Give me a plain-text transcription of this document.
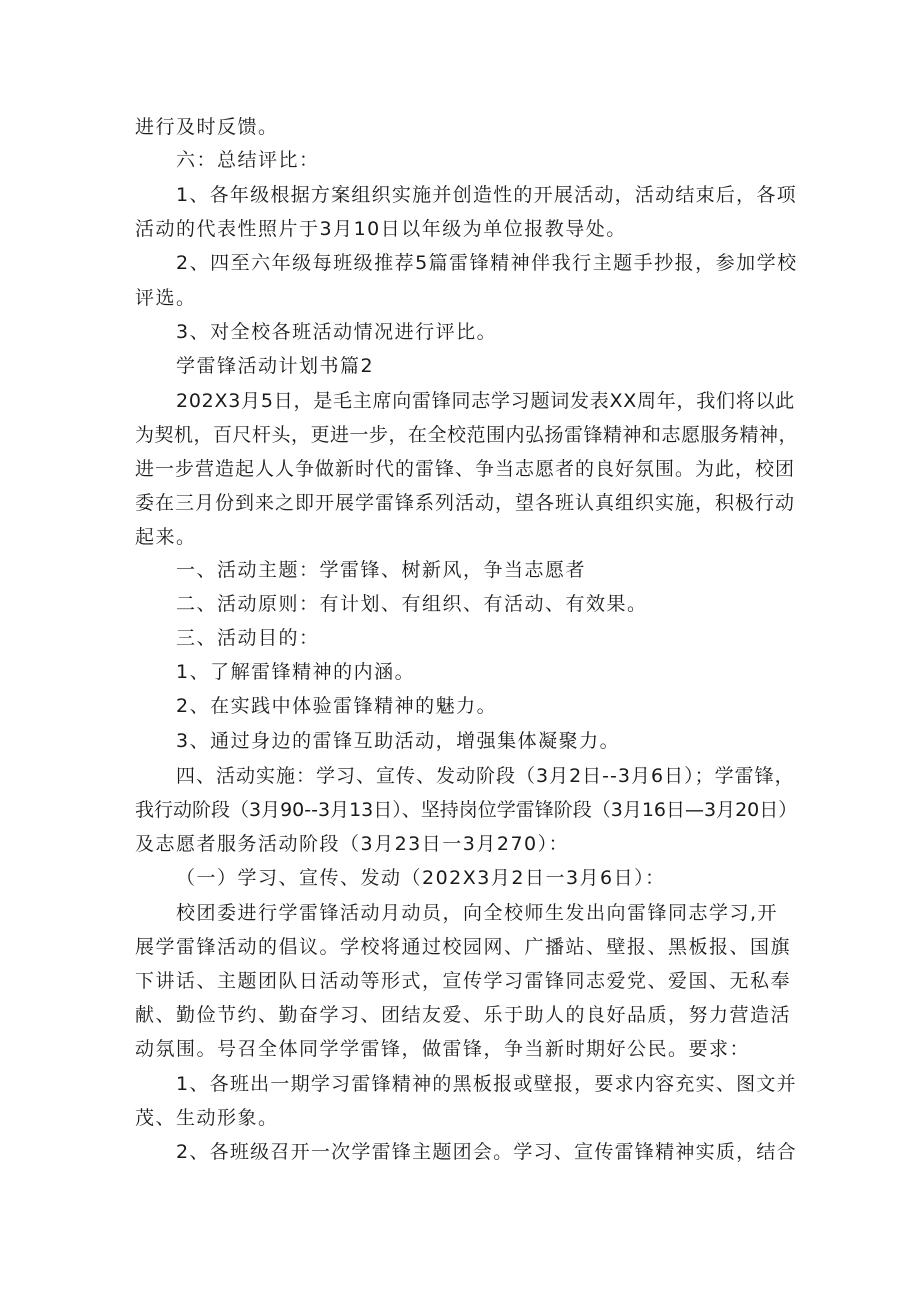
进行及时反馈。
六：总结评比：
1、各年级根据方案组织实施并创造性的开展活动，活动结束后，各项
活动的代表性照片于3月10日以年级为单位报教导处。
2、四至六年级每班级推荐5篇雷锋精神伴我行主题手抄报，参加学校
评选。
3、对全校各班活动情况进行评比。
学雷锋活动计划书篇2
202X3月5日，是毛主席向雷锋同志学习题词发表XX周年，我们将以此
为契机，百尺杆头，更进一步，在全校范围内弘扬雷锋精神和志愿服务精神，
进一步营造起人人争做新时代的雷锋、争当志愿者的良好氛围。为此，校团
委在三月份到来之即开展学雷锋系列活动，望各班认真组织实施，积极行动
起来。
一、活动主题：学雷锋、树新风，争当志愿者
二、活动原则：有计划、有组织、有活动、有效果。
三、活动目的：
1、了解雷锋精神的内涵。
2、在实践中体验雷锋精神的魅力。
3、通过身边的雷锋互助活动，增强集体凝聚力。
四、活动实施：学习、宣传、发动阶段（3月2日--3月6日）；学雷锋，
我行动阶段（3月90--3月13日）、坚持岗位学雷锋阶段（3月16日—3月20日）
及志愿者服务活动阶段（3月23日一3月270）：
（一）学习、宣传、发动（202X3月2日一3月6日）：
校团委进行学雷锋活动月动员，向全校师生发出向雷锋同志学习,开
展学雷锋活动的倡议。学校将通过校园网、广播站、壁报、黑板报、国旗
下讲话、主题团队日活动等形式，宣传学习雷锋同志爱党、爱国、无私奉
献、勤俭节约、勤奋学习、团结友爱、乐于助人的良好品质，努力营造活
动氛围。号召全体同学学雷锋，做雷锋，争当新时期好公民。要求：
1、各班出一期学习雷锋精神的黑板报或壁报，要求内容充实、图文并
茂、生动形象。
2、各班级召开一次学雷锋主题团会。学习、宣传雷锋精神实质，结合
